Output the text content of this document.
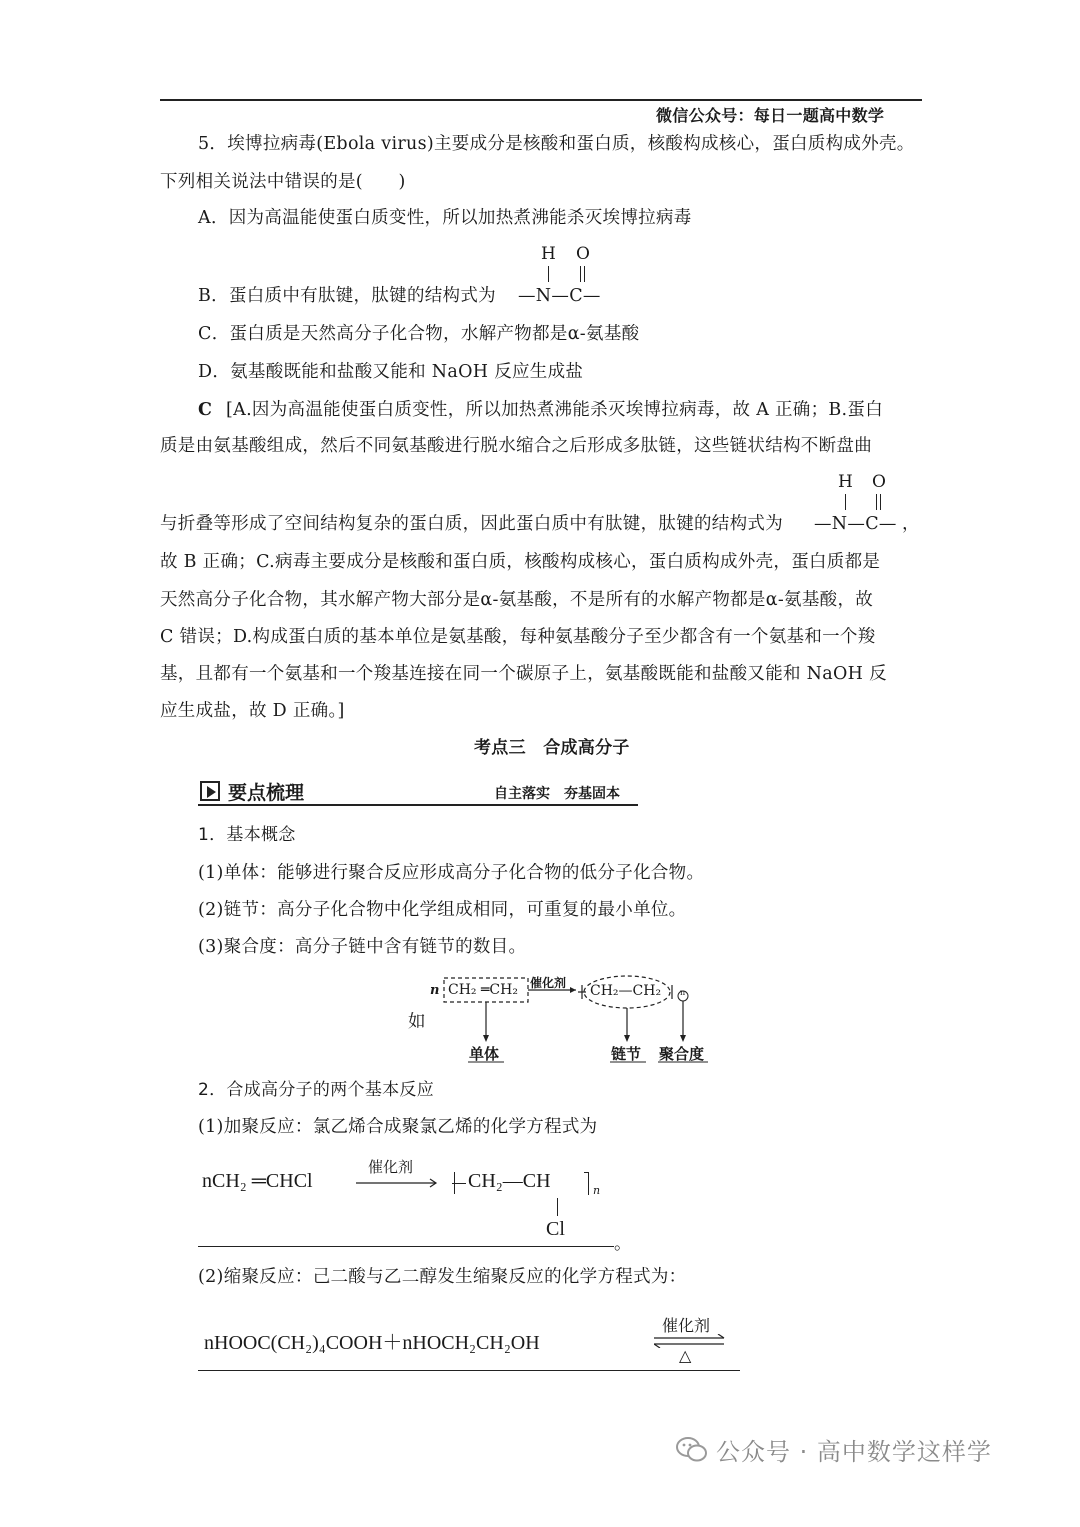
微信公众号：每日一题高中数学
5．埃博拉病毒(Ebola virus)主要成分是核酸和蛋白质，核酸构成核心，蛋白质构成外壳。
下列相关说法中错误的是(　　)
A．因为高温能使蛋白质变性，所以加热煮沸能杀灭埃博拉病毒
H O
B．蛋白质中有肽键，肽键的结构式为 —N—C—
C．蛋白质是天然高分子化合物，水解产物都是α-氨基酸
D．氨基酸既能和盐酸又能和 NaOH 反应生成盐
C [A.因为高温能使蛋白质变性，所以加热煮沸能杀灭埃博拉病毒，故 A 正确；B.蛋白
质是由氨基酸组成，然后不同氨基酸进行脱水缩合之后形成多肽链，这些链状结构不断盘曲
H O
与折叠等形成了空间结构复杂的蛋白质，因此蛋白质中有肽键，肽键的结构式为 —N—C— ，
故 B 正确；C.病毒主要成分是核酸和蛋白质，核酸构成核心，蛋白质构成外壳，蛋白质都是
天然高分子化合物，其水解产物大部分是α-氨基酸，不是所有的水解产物都是α-氨基酸，故
C 错误；D.构成蛋白质的基本单位是氨基酸，每种氨基酸分子至少都含有一个氨基和一个羧
基，且都有一个氨基和一个羧基连接在同一个碳原子上，氨基酸既能和盐酸又能和 NaOH 反
应生成盐，故 D 正确。]
考点三　合成高分子
要点梳理	自主落实　夯基固本
1．基本概念
(1)单体：能够进行聚合反应形成高分子化合物的低分子化合物。
(2)链节：高分子化合物中化学组成相同，可重复的最小单位。
(3)聚合度：高分子链中含有链节的数目。
n CH₂ ═CH₂ 催化剂 CH₂—CH₂ n
如
单体	链节 聚合度
2．合成高分子的两个基本反应
(1)加聚反应：氯乙烯合成聚氯乙烯的化学方程式为
nCH₂ ═CHCl
催化剂
CH₂—CH	n
Cl
。
(2)缩聚反应：己二酸与乙二醇发生缩聚反应的化学方程式为：
nHOOC(CH₂)₄COOH＋nHOCH₂CH₂OH
催化剂
△
公众号 · 高中数学这样学
